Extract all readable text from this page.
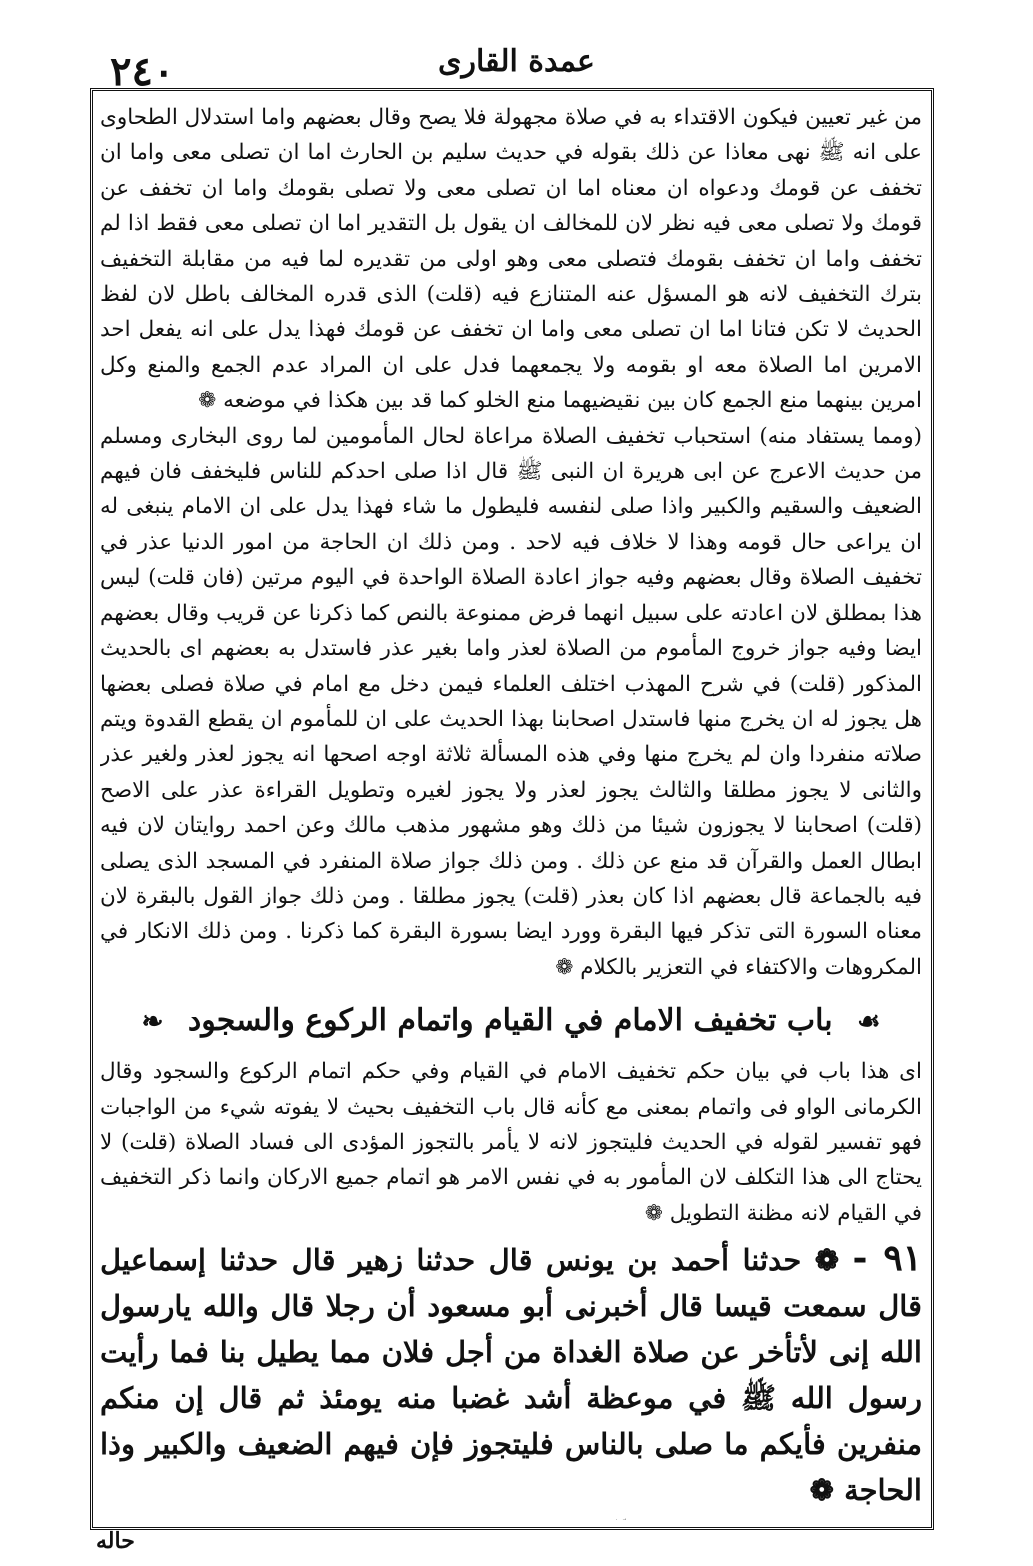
٢٤٠	عمدة القارى

من غير تعيين فيكون الاقتداء به في صلاة مجهولة فلا يصح وقال بعضهم واما استدلال الطحاوى على انه ﷺ نهى معاذا عن ذلك بقوله في حديث سليم بن الحارث اما ان تصلى معى واما ان تخفف عن قومك ودعواه ان معناه اما ان تصلى معى ولا تصلى بقومك واما ان تخفف عن قومك ولا تصلى معى فيه نظر لان للمخالف ان يقول بل التقدير اما ان تصلى معى فقط اذا لم تخفف واما ان تخفف بقومك فتصلى معى وهو اولى من تقديره لما فيه من مقابلة التخفيف بترك التخفيف لانه هو المسؤل عنه المتنازع فيه (قلت) الذى قدره المخالف باطل لان لفظ الحديث لا تكن فتانا اما ان تصلى معى واما ان تخفف عن قومك فهذا يدل على انه يفعل احد الامرين اما الصلاة معه او بقومه ولا يجمعهما فدل على ان المراد عدم الجمع والمنع وكل امرين بينهما منع الجمع كان بين نقيضيهما منع الخلو كما قد بين هكذا في موضعه ❁

(ومما يستفاد منه) استحباب تخفيف الصلاة مراعاة لحال المأمومين لما روى البخارى ومسلم من حديث الاعرج عن ابى هريرة ان النبى ﷺ قال اذا صلى احدكم للناس فليخفف فان فيهم الضعيف والسقيم والكبير واذا صلى لنفسه فليطول ما شاء فهذا يدل على ان الامام ينبغى له ان يراعى حال قومه وهذا لا خلاف فيه لاحد . ومن ذلك ان الحاجة من امور الدنيا عذر في تخفيف الصلاة وقال بعضهم وفيه جواز اعادة الصلاة الواحدة في اليوم مرتين (فان قلت) ليس هذا بمطلق لان اعادته على سبيل انهما فرض ممنوعة بالنص كما ذكرنا عن قريب وقال بعضهم ايضا وفيه جواز خروج المأموم من الصلاة لعذر واما بغير عذر فاستدل به بعضهم اى بالحديث المذكور (قلت) في شرح المهذب اختلف العلماء فيمن دخل مع امام في صلاة فصلى بعضها هل يجوز له ان يخرج منها فاستدل اصحابنا بهذا الحديث على ان للمأموم ان يقطع القدوة ويتم صلاته منفردا وان لم يخرج منها وفي هذه المسألة ثلاثة اوجه اصحها انه يجوز لعذر ولغير عذر والثانى لا يجوز مطلقا والثالث يجوز لعذر ولا يجوز لغيره وتطويل القراءة عذر على الاصح (قلت) اصحابنا لا يجوزون شيئا من ذلك وهو مشهور مذهب مالك وعن احمد روايتان لان فيه ابطال العمل والقرآن قد منع عن ذلك . ومن ذلك جواز صلاة المنفرد في المسجد الذى يصلى فيه بالجماعة قال بعضهم اذا كان بعذر (قلت) يجوز مطلقا . ومن ذلك جواز القول بالبقرة لان معناه السورة التى تذكر فيها البقرة وورد ايضا بسورة البقرة كما ذكرنا . ومن ذلك الانكار في المكروهات والاكتفاء في التعزير بالكلام ❁

☙ باب تخفيف الامام في القيام واتمام الركوع والسجود ❧

اى هذا باب في بيان حكم تخفيف الامام في القيام وفي حكم اتمام الركوع والسجود وقال الكرمانى الواو فى واتمام بمعنى مع كأنه قال باب التخفيف بحيث لا يفوته شيء من الواجبات فهو تفسير لقوله في الحديث فليتجوز لانه لا يأمر بالتجوز المؤدى الى فساد الصلاة (قلت) لا يحتاج الى هذا التكلف لان المأمور به في نفس الامر هو اتمام جميع الاركان وانما ذكر التخفيف في القيام لانه مظنة التطويل ❁

٩١ - ❁ حدثنا أحمد بن يونس قال حدثنا زهير قال حدثنا إسماعيل قال سمعت قيسا قال أخبرنى أبو مسعود أن رجلا قال والله يارسول الله إنى لأتأخر عن صلاة الغداة من أجل فلان مما يطيل بنا فما رأيت رسول الله ﷺ في موعظة أشد غضبا منه يومئذ ثم قال إن منكم منفرين فأيكم ما صلى بالناس فليتجوز فإن فيهم الضعيف والكبير وذا الحاجة ❁

حاله
